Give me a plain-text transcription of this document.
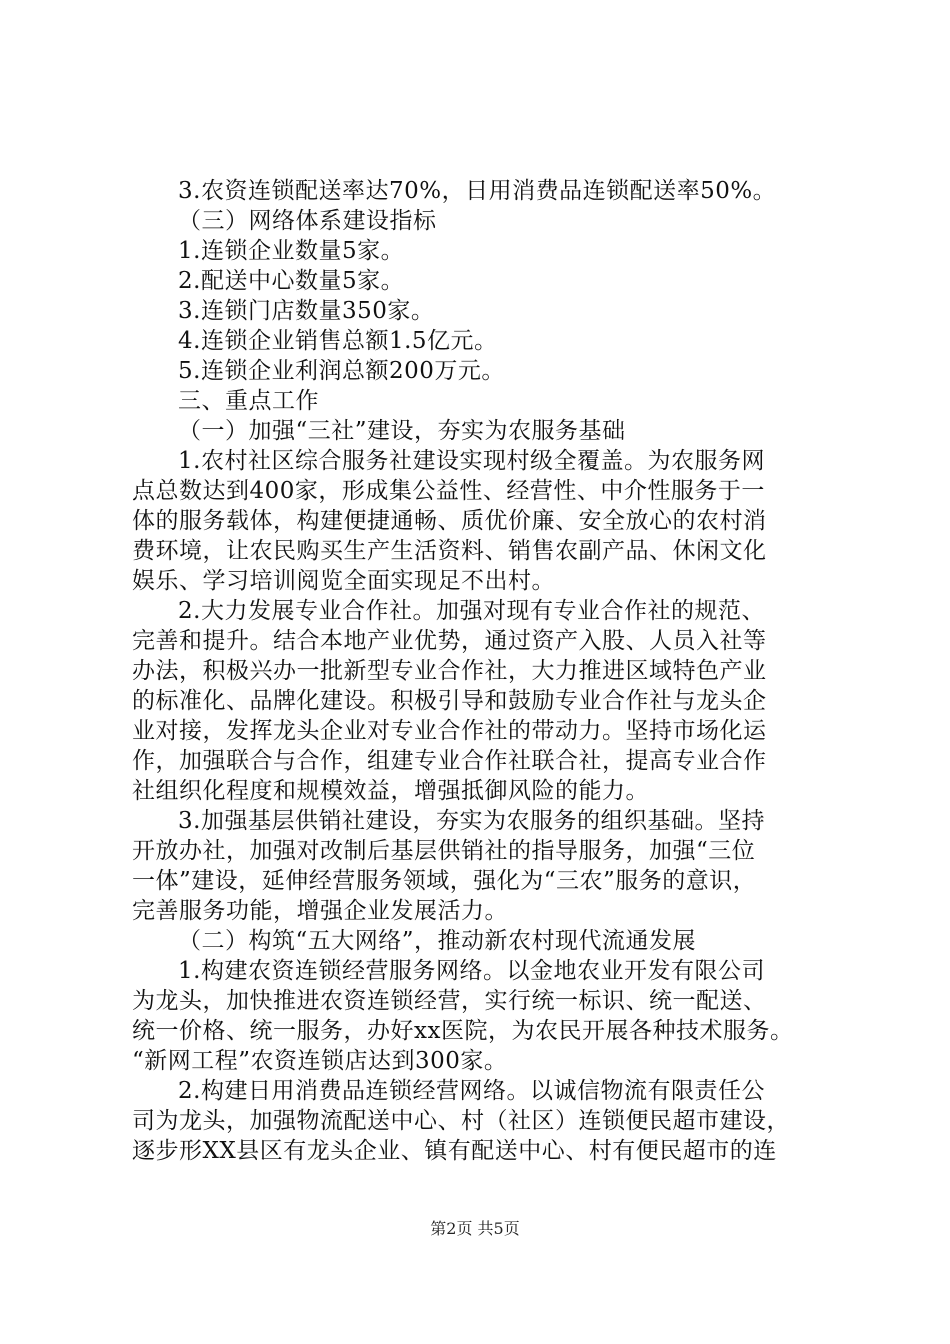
3.农资连锁配送率达70%，日用消费品连锁配送率50%。
（三）网络体系建设指标
1.连锁企业数量5家。
2.配送中心数量5家。
3.连锁门店数量350家。
4.连锁企业销售总额1.5亿元。
5.连锁企业利润总额200万元。
三、重点工作
（一）加强“三社”建设，夯实为农服务基础
1.农村社区综合服务社建设实现村级全覆盖。为农服务网
点总数达到400家，形成集公益性、经营性、中介性服务于一
体的服务载体，构建便捷通畅、质优价廉、安全放心的农村消
费环境，让农民购买生产生活资料、销售农副产品、休闲文化
娱乐、学习培训阅览全面实现足不出村。
2.大力发展专业合作社。加强对现有专业合作社的规范、
完善和提升。结合本地产业优势，通过资产入股、人员入社等
办法，积极兴办一批新型专业合作社，大力推进区域特色产业
的标准化、品牌化建设。积极引导和鼓励专业合作社与龙头企
业对接，发挥龙头企业对专业合作社的带动力。坚持市场化运
作，加强联合与合作，组建专业合作社联合社，提高专业合作
社组织化程度和规模效益，增强抵御风险的能力。
3.加强基层供销社建设，夯实为农服务的组织基础。坚持
开放办社，加强对改制后基层供销社的指导服务，加强“三位
一体”建设，延伸经营服务领域，强化为“三农”服务的意识，
完善服务功能，增强企业发展活力。
（二）构筑“五大网络”，推动新农村现代流通发展
1.构建农资连锁经营服务网络。以金地农业开发有限公司
为龙头，加快推进农资连锁经营，实行统一标识、统一配送、
统一价格、统一服务，办好xx医院，为农民开展各种技术服务。
“新网工程”农资连锁店达到300家。
2.构建日用消费品连锁经营网络。以诚信物流有限责任公
司为龙头，加强物流配送中心、村（社区）连锁便民超市建设，
逐步形XX县区有龙头企业、镇有配送中心、村有便民超市的连
第2页 共5页
